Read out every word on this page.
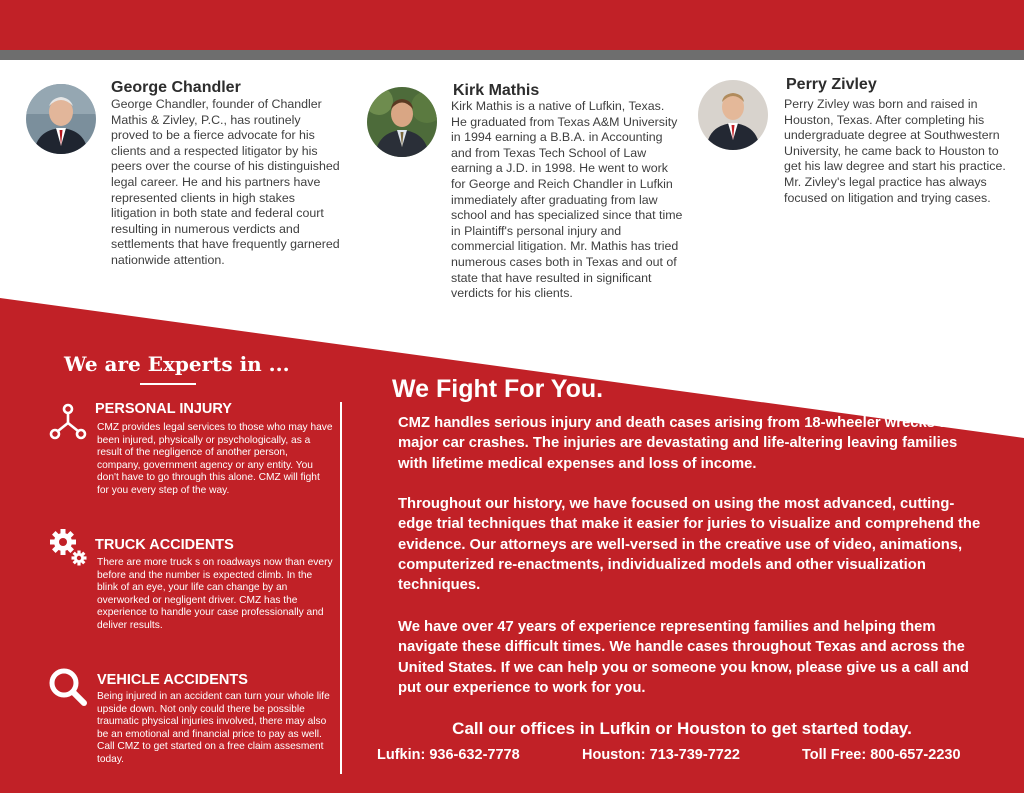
George Chandler
George Chandler, founder of Chandler Mathis & Zivley, P.C., has routinely proved to be a fierce advocate for his clients and a respected litigator by his peers over the course of his distinguished legal career. He and his partners have represented clients in high stakes litigation in both state and federal court resulting in numerous verdicts and settlements that have frequently garnered nationwide attention.
Kirk Mathis
Kirk Mathis is a native of Lufkin, Texas. He graduated from Texas A&M University in 1994 earning a B.B.A. in Accounting and from Texas Tech School of Law earning a J.D. in 1998. He went to work for George and Reich Chandler in Lufkin immediately after graduating from law school and has specialized since that time in Plaintiff's personal injury and commercial litigation. Mr. Mathis has tried numerous cases both in Texas and out of state that have resulted in significant verdicts for his clients.
Perry Zivley
Perry Zivley was born and raised in Houston, Texas. After completing his undergraduate degree at Southwestern University, he came back to Houston to get his law degree and start his practice. Mr. Zivley's legal practice has always focused on litigation and trying cases.
We are Experts in ...
PERSONAL INJURY
CMZ provides legal services to those who may have been injured, physically or psychologically, as a result of the negligence of another person, company, government agency or any entity. You don't have to go through this alone. CMZ will fight for you every step of the way.
TRUCK ACCIDENTS
There are more truck s on roadways now than every before and the number is expected climb. In the blink of an eye, your life can change by an overworked or negligent driver. CMZ has the experience to handle your case professionally and deliver results.
VEHICLE ACCIDENTS
Being injured in an accident can turn your whole life upside down. Not only could there be possible traumatic physical injuries involved, there may also be an emotional and financial price to pay as well. Call CMZ to get started on a free claim assesment today.
We Fight For You.
CMZ handles serious injury and death cases arising from 18-wheeler wrecks and major car crashes. The injuries are devastating and life-altering leaving families with lifetime medical expenses and loss of income.
Throughout our history, we have focused on using the most advanced, cutting-edge trial techniques that make it easier for juries to visualize and comprehend the evidence. Our attorneys are well-versed in the creative use of video, animations, computerized re-enactments, individualized models and other visualization techniques.
We have over 47 years of experience representing families and helping them navigate these difficult times. We handle cases throughout Texas and across the United States. If we can help you or someone you know, please give us a call and put our experience to work for you.
Call our offices in Lufkin or Houston to get started today.
Lufkin: 936-632-7778	Houston: 713-739-7722	Toll Free: 800-657-2230
